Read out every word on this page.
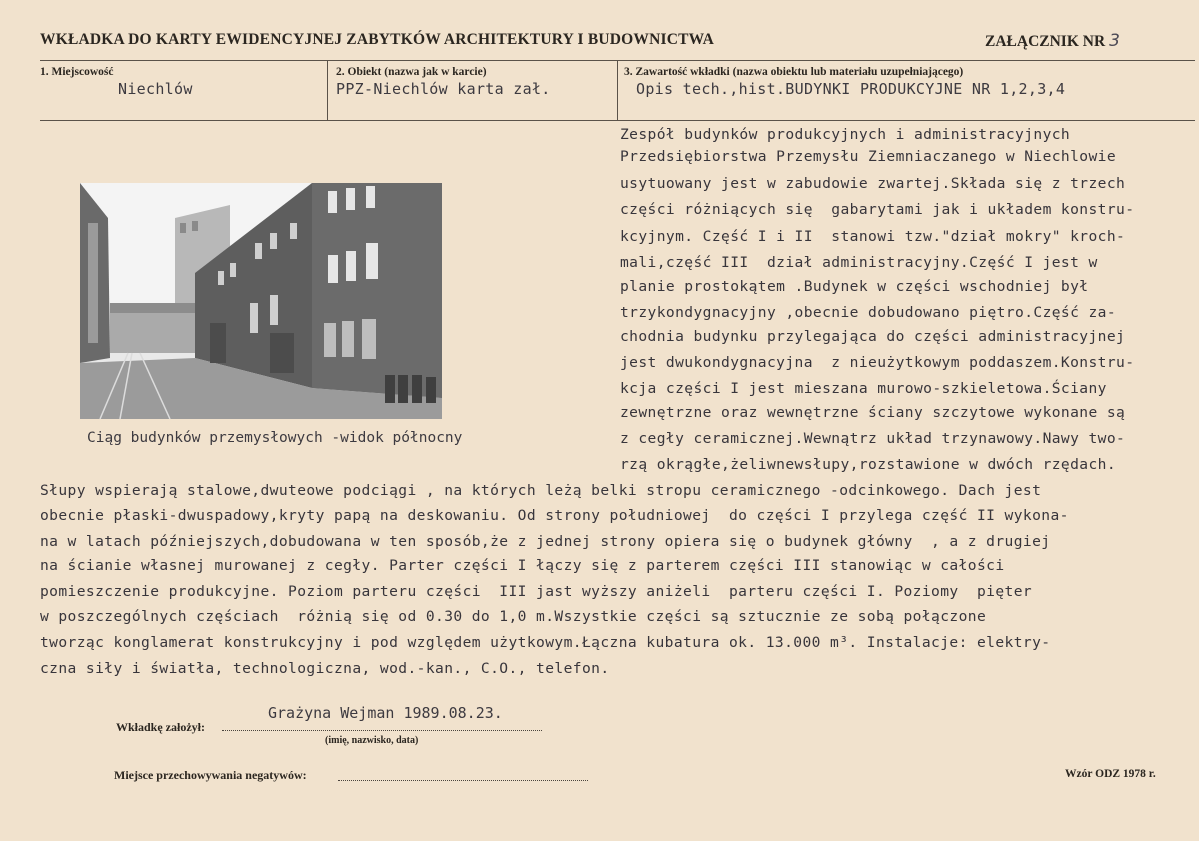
WKŁADKA DO KARTY EWIDENCYJNEJ ZABYTKÓW ARCHITEKTURY I BUDOWNICTWA	ZAŁĄCZNIK NR 3
1. Miejscowość
Niechlów
2. Obiekt (nazwa jak w karcie)
PPZ-Niechlów karta zał.
3. Zawartość wkładki (nazwa obiektu lub materiału uzupełniającego)
Opis tech.,hist.BUDYNKI PRODUKCYJNE NR 1,2,3,4
Ciąg budynków przemysłowych -widok północny
Zespół budynków produkcyjnych i administracyjnych
Przedsiębiorstwa Przemysłu Ziemniaczanego w Niechlowie
usytuowany jest w zabudowie zwartej.Składa się z trzech
części różniących się  gabarytami jak i układem konstru-
kcyjnym. Część I i II  stanowi tzw."dział mokry" kroch-
mali,część III  dział administracyjny.Część I jest w
planie prostokątem .Budynek w części wschodniej był
trzykondygnacyjny ,obecnie dobudowano piętro.Część za-
chodnia budynku przylegająca do części administracyjnej
jest dwukondygnacyjna  z nieużytkowym poddaszem.Konstru-
kcja części I jest mieszana murowo-szkieletowa.Ściany
zewnętrzne oraz wewnętrzne ściany szczytowe wykonane są
z cegły ceramicznej.Wewnątrz układ trzynawowy.Nawy two-
rzą okrągłe,żeliwnewsłupy,rozstawione w dwóch rzędach.
Słupy wspierają stalowe,dwuteowe podciągi , na których leżą belki stropu ceramicznego -odcinkowego. Dach jest
obecnie płaski-dwuspadowy,kryty papą na deskowaniu. Od strony południowej  do części I przylega część II wykona-
na w latach późniejszych,dobudowana w ten sposób,że z jednej strony opiera się o budynek główny  , a z drugiej
na ścianie własnej murowanej z cegły. Parter części I łączy się z parterem części III stanowiąc w całości
pomieszczenie produkcyjne. Poziom parteru części  III jast wyższy aniżeli  parteru części I. Poziomy  pięter
w poszczególnych częściach  różnią się od 0.30 do 1,0 m.Wszystkie części są sztucznie ze sobą połączone
tworząc konglamerat konstrukcyjny i pod względem użytkowym.Łączna kubatura ok. 13.000 m³. Instalacje: elektry-
czna siły i światła, technologiczna, wod.-kan., C.O., telefon.
Grażyna Wejman 1989.08.23.
Wkładkę założył:
(imię, nazwisko, data)
Miejsce przechowywania negatywów:	Wzór ODZ 1978 r.
